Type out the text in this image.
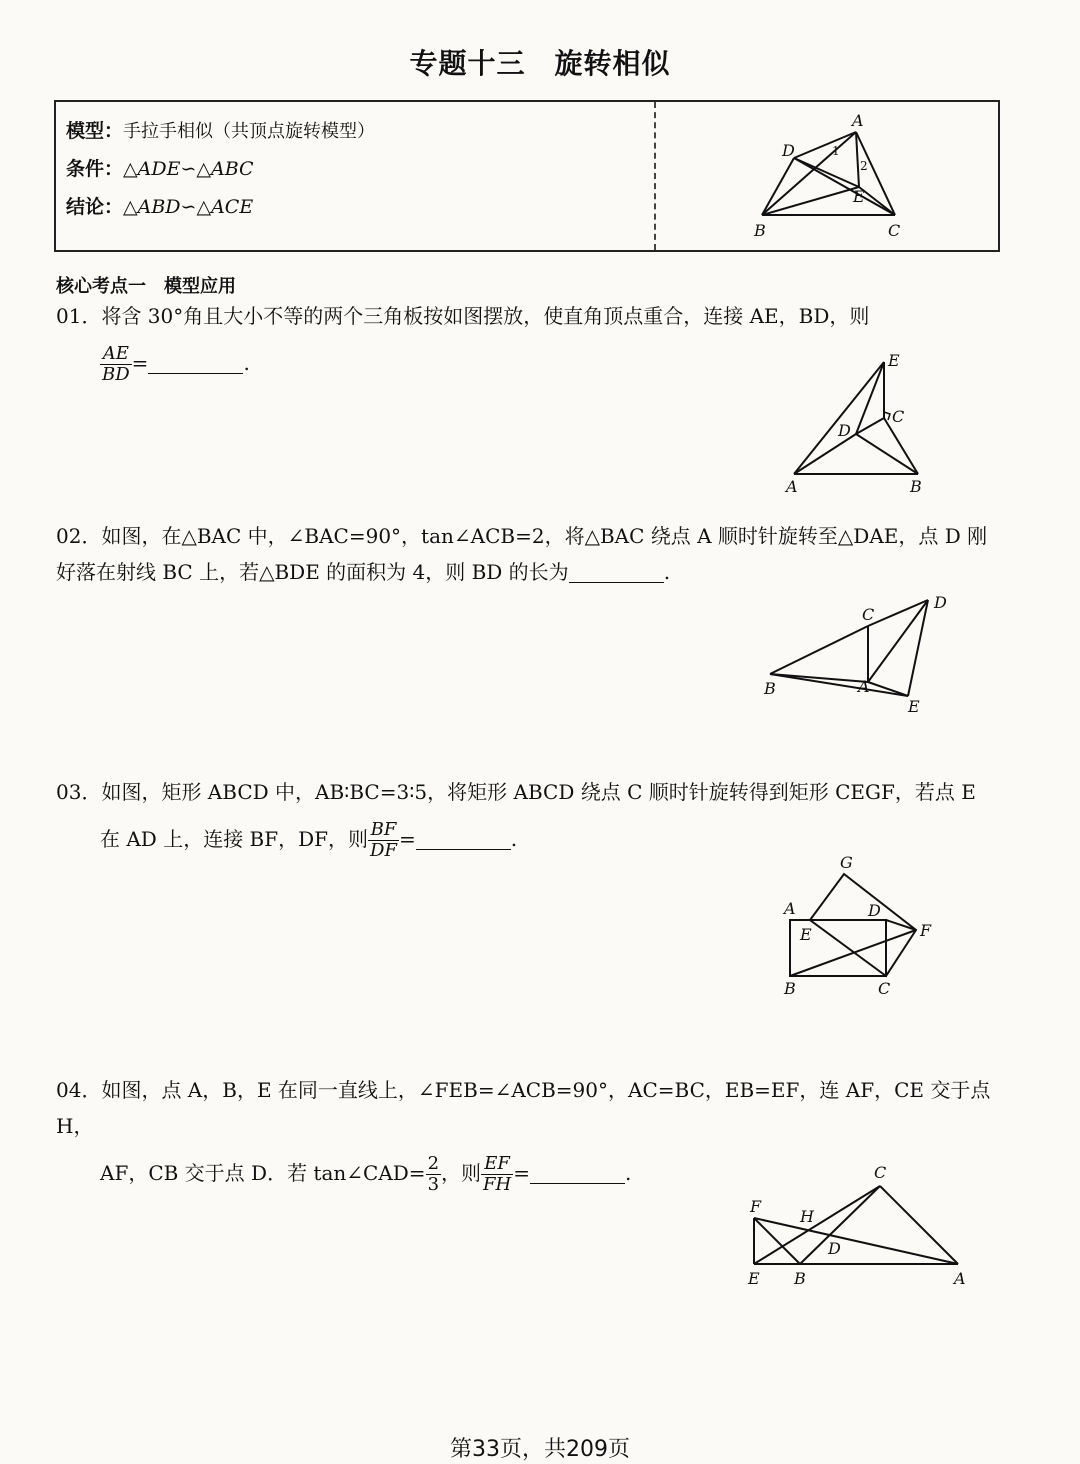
专题十三　旋转相似
模型：手拉手相似（共顶点旋转模型）
条件：△ADE∽△ABC
结论：△ABD∽△ACE
A
D	1
2
E
B	C
核心考点一　模型应用
01．将含 30°角且大小不等的两个三角板按如图摆放，使直角顶点重合，连接 AE，BD，则
$\frac{AE}{BD}$ =	.	E
C
D
A	B
02．如图，在△BAC 中，∠BAC=90°，tan∠ACB=2，将△BAC 绕点 A 顺时针旋转至△DAE，点 D 刚
好落在射线 BC 上，若△BDE 的面积为 4，则 BD 的长为	.
C
D
B	A
E
03．如图，矩形 ABCD 中，AB∶BC=3∶5，将矩形 ABCD 绕点 C 顺时针旋转得到矩形 CEGF，若点 E
在 AD 上，连接 BF，DF，则 $\frac{BF}{DF}$ =	.
G
A	D
E	F
B	C
04．如图，点 A，B，E 在同一直线上，∠FEB=∠ACB=90°，AC=BC，EB=EF，连 AF，CE 交于点 H，
AF，CB 交于点 D．若 tan∠CAD= $\frac{2}{3}$ ，则 $\frac{EF}{FH}$ =	.	C
F
H
D
E B	A
第33页，共209页
